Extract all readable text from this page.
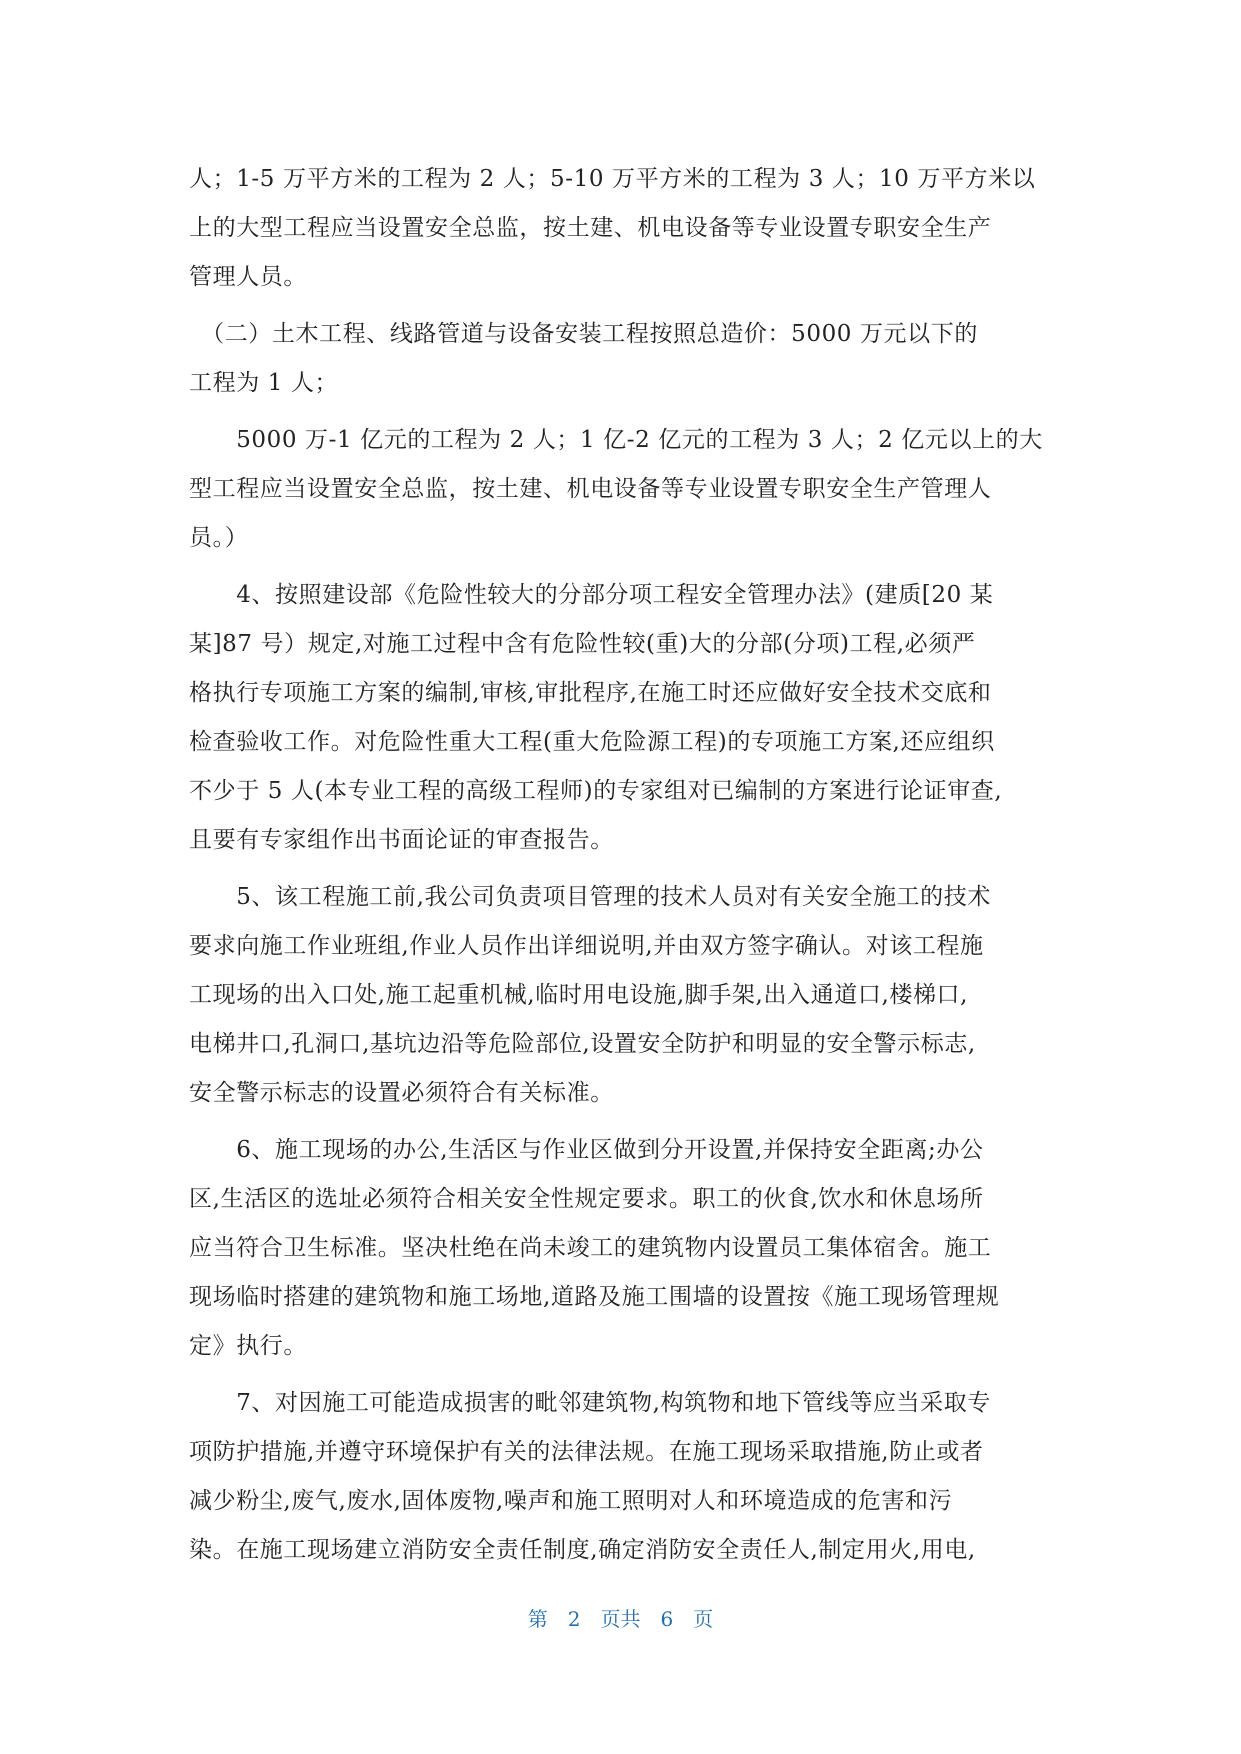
人；1-5 万平方米的工程为 2 人；5-10 万平方米的工程为 3 人；10 万平方米以
上的大型工程应当设置安全总监，按土建、机电设备等专业设置专职安全生产
管理人员。

　（二）土木工程、线路管道与设备安装工程按照总造价：5000 万元以下的
工程为 1 人；

　　5000 万-1 亿元的工程为 2 人；1 亿-2 亿元的工程为 3 人；2 亿元以上的大
型工程应当设置安全总监，按土建、机电设备等专业设置专职安全生产管理人
员。）

　　4、按照建设部《危险性较大的分部分项工程安全管理办法》(建质[20 某
某]87 号）规定,对施工过程中含有危险性较(重)大的分部(分项)工程,必须严
格执行专项施工方案的编制,审核,审批程序,在施工时还应做好安全技术交底和
检查验收工作。对危险性重大工程(重大危险源工程)的专项施工方案,还应组织
不少于 5 人(本专业工程的高级工程师)的专家组对已编制的方案进行论证审查,
且要有专家组作出书面论证的审查报告。

　　5、该工程施工前,我公司负责项目管理的技术人员对有关安全施工的技术
要求向施工作业班组,作业人员作出详细说明,并由双方签字确认。对该工程施
工现场的出入口处,施工起重机械,临时用电设施,脚手架,出入通道口,楼梯口,
电梯井口,孔洞口,基坑边沿等危险部位,设置安全防护和明显的安全警示标志,
安全警示标志的设置必须符合有关标准。

　　6、施工现场的办公,生活区与作业区做到分开设置,并保持安全距离;办公
区,生活区的选址必须符合相关安全性规定要求。职工的伙食,饮水和休息场所
应当符合卫生标准。坚决杜绝在尚未竣工的建筑物内设置员工集体宿舍。施工
现场临时搭建的建筑物和施工场地,道路及施工围墙的设置按《施工现场管理规
定》执行。

　　7、对因施工可能造成损害的毗邻建筑物,构筑物和地下管线等应当采取专
项防护措施,并遵守环境保护有关的法律法规。在施工现场采取措施,防止或者
减少粉尘,废气,废水,固体废物,噪声和施工照明对人和环境造成的危害和污
染。在施工现场建立消防安全责任制度,确定消防安全责任人,制定用火,用电,

第 2 页共 6 页
